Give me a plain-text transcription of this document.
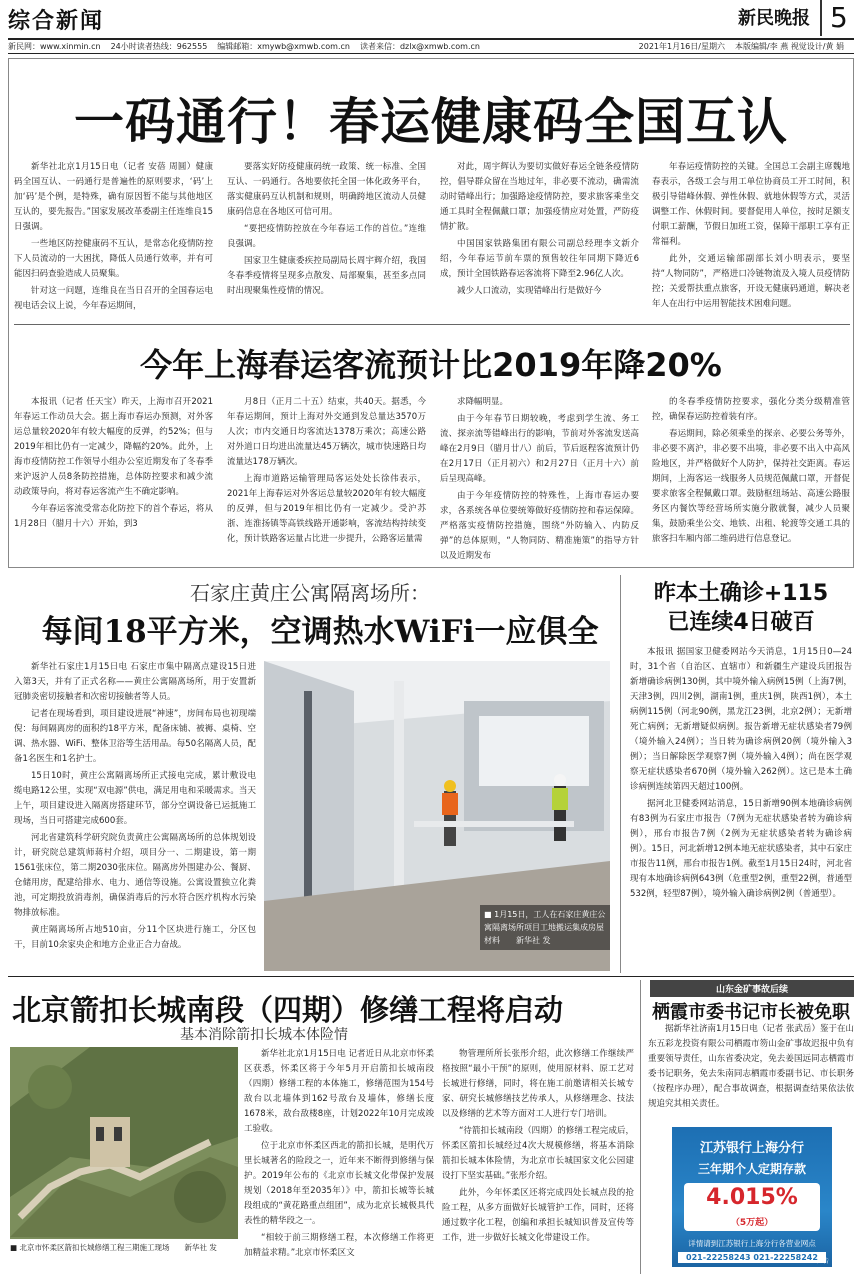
综合新闻	新民晚报 5
新民网：www.xinmin.cn 24小时读者热线：962555 编辑邮箱：xmywb@xmwb.com.cn 读者来信：dzlx@xmwb.com.cn	2021年1月16日/星期六 本版编辑/李 燕 视觉设计/黄 娟
一码通行！春运健康码全国互认

新华社北京1月15日电（记者 安蓓 周圆）健康码全国互认、一码通行是普遍性的原则要求，‘码’上加‘码’是个例，是特殊，确有原因暂不能与其他地区互认的，要先报告。”国家发展改革委副主任连维良15日强调。

一些地区防控健康码不互认，是常态化疫情防控下人员流动的一大困扰，降低人员通行效率，并有可能因扫码查验造成人员聚集。

针对这一问题，连维良在当日召开的全国春运电视电话会议上说，今年春运期间，

要落实好防疫健康码统一政策、统一标准、全国互认、一码通行。各地要依托全国一体化政务平台，落实健康码互认机制和规则，明确跨地区流动人员健康码信息在各地区可信可用。

“要把疫情防控放在今年春运工作的首位。”连维良强调。

国家卫生健康委疾控局副局长周宇辉介绍，我国冬春季疫情将呈现多点散发、局部聚集，甚至多点同时出现聚集性疫情的情况。

对此，周宇辉认为要切实做好春运全链条疫情防控，倡导群众留在当地过年，非必要不流动，确需流动时错峰出行；加强路途疫情防控，要求旅客乘坐交通工具时全程佩戴口罩；加强疫情应对处置，严防疫情扩散。

中国国家铁路集团有限公司副总经理李文新介绍，今年春运节前车票的预售较往年同期下降近6成，预计全国铁路春运客流将下降至2.96亿人次。

减少人口流动，实现错峰出行是做好今

年春运疫情防控的关键。全国总工会副主席魏地春表示，各级工会与用工单位协商员工开工时间，积极引导错峰休假、弹性休假、就地休假等方式，灵活调整工作、休假时间。要督促用人单位，按时足额支付职工薪酬，节假日加班工资，保障干部职工享有正常福利。

此外，交通运输部副部长刘小明表示，要坚持“人物同防”，严格进口冷链物流及入境人员疫情防控；关爱帮扶重点旅客，开设无健康码通道，解决老年人在出行中运用智能技术困难问题。

今年上海春运客流预计比2019年降20%

本报讯（记者 任天宝）昨天，上海市召开2021年春运工作动员大会。据上海市春运办预测，对外客运总量较2020年有较大幅度的反弹，约52%；但与2019年相比仍有一定减少，降幅约20%。此外，上海市疫情防控工作领导小组办公室近期发布了冬春季来沪返沪人员8条防控措施，总体防控要求和减少流动政策导向，将对春运客流产生不确定影响。

今年春运客流受常态化防控下的首个春运，将从1月28日（腊月十六）开始，到3

月8日（正月二十五）结束，共40天。据悉，今年春运期间，预计上海对外交通到发总量达3570万人次；市内交通日均客流达1378万乘次；高速公路对外道口日均进出流量达45万辆次，城市快速路日均流量达178万辆次。

上海市道路运输管理局客运处处长徐伟表示，2021年上海春运对外客运总量较2020年有较大幅度的反弹，但与2019年相比仍有一定减少。受沪苏浙、连淮扬镇等高铁线路开通影响，客流结构持续变化，预计铁路客运量占比进一步提升，公路客运量需

求降幅明显。

由于今年春节日期较晚，考虑到学生流、务工流、探亲流等错峰出行的影响，节前对外客流发送高峰在2月9日（腊月廿八）前后，节后返程客流预计仍在2月17日（正月初六）和2月27日（正月十六）前后呈现高峰。

由于今年疫情防控的特殊性，上海市春运办要求，各系统各单位要统筹做好疫情防控和春运保障。严格落实疫情防控措施，围绕“外防输入、内防反弹”的总体原则，“人物同防、精准施策”的指导方针以及近期发布

的冬春季疫情防控要求，强化分类分级精准管控，确保春运防控着装有序。

春运期间，除必须乘坐的探亲、必要公务等外，非必要不离沪，非必要不出境，非必要不出入中高风险地区，并严格做好个人防护，保持社交距离。春运期间，上海客运一线服务人员规范佩戴口罩，开督促要求旅客全程佩戴口罩。鼓励枢纽场站、高速公路服务区内餐饮等经营场所实施分散就餐，减少人员聚集，鼓励乘坐公交、地铁、出租、轮渡等交通工具的旅客扫车厢内部二维码进行信息登记。

石家庄黄庄公寓隔离场所：
每间18平方米，空调热水WiFi一应俱全

新华社石家庄1月15日电 石家庄市集中隔离点建设15日进入第3天，并有了正式名称——黄庄公寓隔离场所，用于安置新冠肺炎密切接触者和次密切接触者等人员。

记者在现场看到，项目建设进展“神速”，房间布局也初现端倪：每间隔离房的面积约18平方米，配备床铺、被褥、桌椅、空调、热水器、WiFi、整体卫浴等生活用品。每50名隔离人员，配备1名医生和1名护士。

15日10时，黄庄公寓隔离场所正式接电完成，累计敷设电缆电路12公里，实现“双电源”供电，满足用电和采暖需求。当天上午，项目建设进入隔离房搭建环节，部分空调设备已运抵施工现场，当日可搭建完成600套。

河北省建筑科学研究院负责黄庄公寓隔离场所的总体规划设计，研究院总建筑师蒋村介绍，项目分一、二期建设，第一期1561张床位，第二期2030张床位。隔离房外围建办公、餐厨、仓储用房，配建给排水、电力、通信等设施。公寓设置独立化粪池，可定期投放消毒剂，确保消毒后的污水符合医疗机构水污染物排放标准。

黄庄隔离场所占地510亩，分11个区块进行施工，分区包干，目前10余家央企和地方企业正合力奋战。

■ 1月15日，工人在石家庄黄庄公寓隔离场所项目工地搬运集成房屋材料　　新华社 发
昨本土确诊+115
已连续4日破百

本报讯 据国家卫健委网站今天消息，1月15日0—24时，31个省（自治区、直辖市）和新疆生产建设兵团报告新增确诊病例130例，其中境外输入病例15例（上海7例，天津3例，四川2例，湖南1例，重庆1例，陕西1例），本土病例115例（河北90例，黑龙江23例，北京2例）；无新增死亡病例；无新增疑似病例。报告新增无症状感染者79例（境外输入24例）；当日转为确诊病例20例（境外输入3例）；当日解除医学观察7例（境外输入4例）；尚在医学观察无症状感染者670例（境外输入262例）。这已是本土确诊病例连续第四天超过100例。

据河北卫健委网站消息，15日新增90例本地确诊病例有83例为石家庄市报告（7例为无症状感染者转为确诊病例），邢台市报告7例（2例为无症状感染者转为确诊病例）。15日，河北新增12例本地无症状感染者，其中石家庄市报告11例，邢台市报告1例。截至1月15日24时，河北省现有本地确诊病例643例（危重型2例，重型22例，普通型532例，轻型87例），境外输入确诊病例2例（普通型）。

北京箭扣长城南段（四期）修缮工程将启动
基本消除箭扣长城本体险情
■ 北京市怀柔区箭扣长城修缮工程三期施工现场　　新华社 发

新华社北京1月15日电 记者近日从北京市怀柔区获悉，怀柔区将于今年5月开启箭扣长城南段（四期）修缮工程的本体施工，修缮范围为154号敌台以北墙体到162号敌台及墙体，修缮长度1678米，敌台敌楼8座，计划2022年10月完成竣工验收。

位于北京市怀柔区西北的箭扣长城，是明代万里长城著名的险段之一，近年来不断得到修缮与保护。2019年公布的《北京市长城文化带保护发展规划（2018年至2035年）》中，箭扣长城等长城段组成的“黄花路重点组团”，成为北京长城极具代表性的精华段之一。

“相较于前三期修缮工程，本次修缮工作将更加精益求精。”北京市怀柔区文

物管理所所长张彤介绍，此次修缮工作继续严格按照“最小干预”的原则，使用原材料、原工艺对长城进行修缮，同时，将在施工前邀请相关长城专家、研究长城修缮技艺传承人，从修缮理念、技法以及修缮的艺术等方面对工人进行专门培训。

“待箭扣长城南段（四期）的修缮工程完成后，怀柔区箭扣长城经过4次大规模修缮，将基本消除箭扣长城本体险情，为北京市长城国家文化公园建设打下坚实基础。”张彤介绍。

此外，今年怀柔区还将完成四处长城点段的抢险工程，从多方面做好长城管护工作，同时，还将通过数字化工程，创编和承担长城知识普及宣传等工作，进一步做好长城文化带建设工作。

山东金矿事故后续
栖霞市委书记市长被免职

据新华社济南1月15日电（记者 张武岳）鉴于在山东五彩龙投资有限公司栖霞市笏山金矿事故迟报中负有重要领导责任，山东省委决定，免去姜国远同志栖霞市委书记职务，免去朱南同志栖霞市委副书记、市长职务（按程序办理），配合事故调查，根据调查结果依法依规追究其相关责任。

江苏银行上海分行
三年期个人定期存款
4.015% （5万起）
详情请到江苏银行上海分行各营业网点
021-22258243 021-22258242 广告
